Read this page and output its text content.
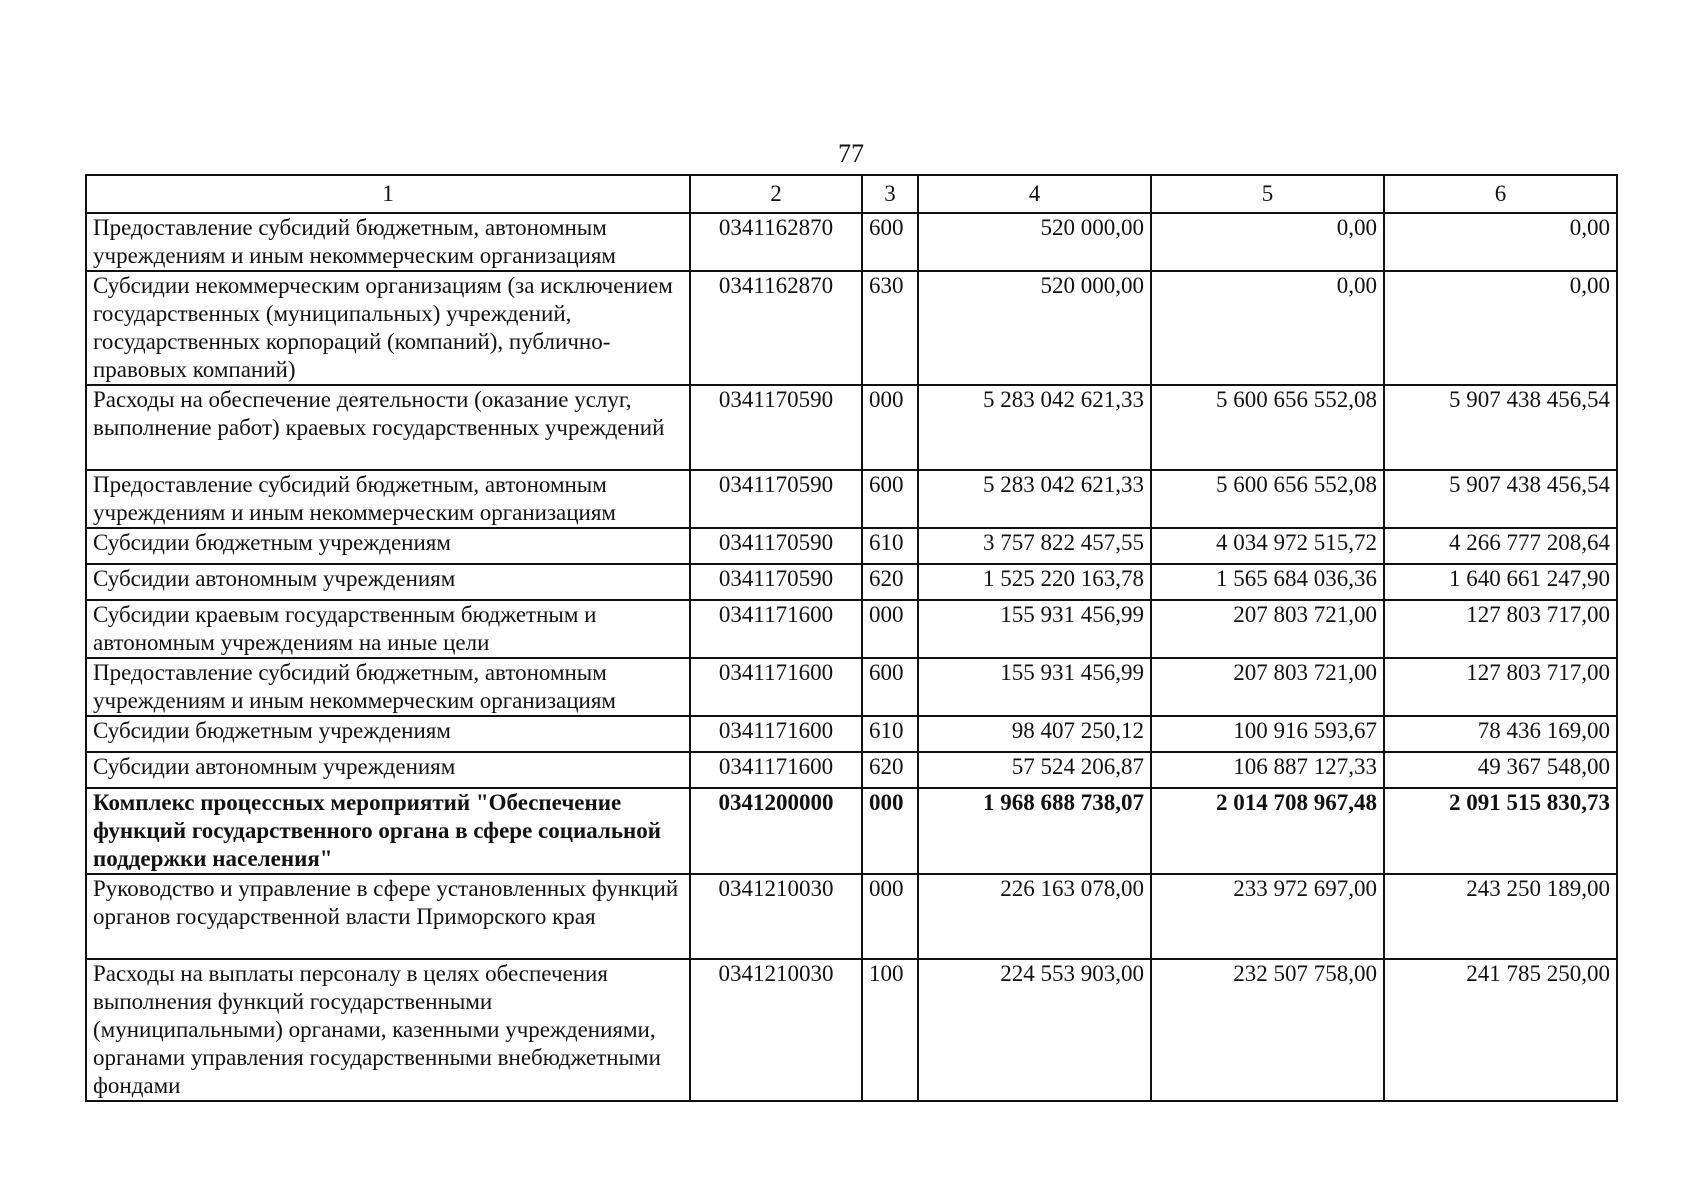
77
1	2	3	4	5	6
Предоставление субсидий бюджетным, автономным учреждениям и иным некоммерческим организациям	0341162870	600	520 000,00	0,00	0,00
Субсидии некоммерческим организациям (за исключением государственных (муниципальных) учреждений, государственных корпораций (компаний), публично-правовых компаний)	0341162870	630	520 000,00	0,00	0,00
Расходы на обеспечение деятельности (оказание услуг, выполнение работ) краевых государственных учреждений	0341170590	000	5 283 042 621,33	5 600 656 552,08	5 907 438 456,54
Предоставление субсидий бюджетным, автономным учреждениям и иным некоммерческим организациям	0341170590	600	5 283 042 621,33	5 600 656 552,08	5 907 438 456,54
Субсидии бюджетным учреждениям	0341170590	610	3 757 822 457,55	4 034 972 515,72	4 266 777 208,64
Субсидии автономным учреждениям	0341170590	620	1 525 220 163,78	1 565 684 036,36	1 640 661 247,90
Субсидии краевым государственным бюджетным и автономным учреждениям на иные цели	0341171600	000	155 931 456,99	207 803 721,00	127 803 717,00
Предоставление субсидий бюджетным, автономным учреждениям и иным некоммерческим организациям	0341171600	600	155 931 456,99	207 803 721,00	127 803 717,00
Субсидии бюджетным учреждениям	0341171600	610	98 407 250,12	100 916 593,67	78 436 169,00
Субсидии автономным учреждениям	0341171600	620	57 524 206,87	106 887 127,33	49 367 548,00
Комплекс процессных мероприятий "Обеспечение функций государственного органа в сфере социальной поддержки населения"	0341200000	000	1 968 688 738,07	2 014 708 967,48	2 091 515 830,73
Руководство и управление в сфере установленных функций органов государственной власти Приморского края	0341210030	000	226 163 078,00	233 972 697,00	243 250 189,00
Расходы на выплаты персоналу в целях обеспечения выполнения функций государственными (муниципальными) органами, казенными учреждениями, органами управления государственными внебюджетными фондами	0341210030	100	224 553 903,00	232 507 758,00	241 785 250,00
